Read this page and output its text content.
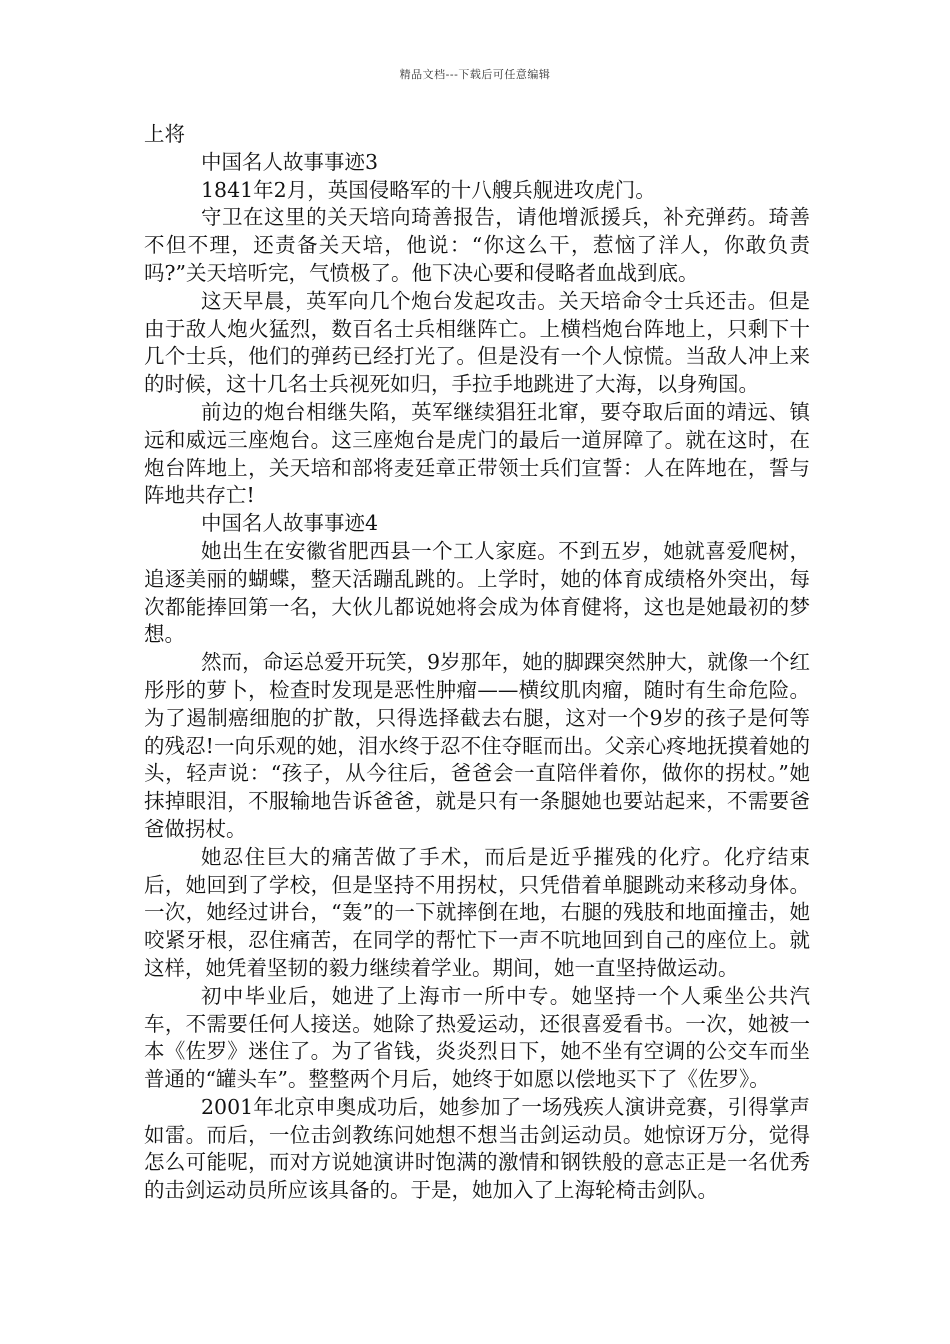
精品文档---下载后可任意编辑

上将

中国名人故事事迹3

1841年2月，英国侵略军的十八艘兵舰进攻虎门。

守卫在这里的关天培向琦善报告，请他增派援兵，补充弹药。琦善不但不理，还责备关天培，他说：“你这么干，惹恼了洋人，你敢负责吗?”关天培听完，气愤极了。他下决心要和侵略者血战到底。

这天早晨，英军向几个炮台发起攻击。关天培命令士兵还击。但是由于敌人炮火猛烈，数百名士兵相继阵亡。上横档炮台阵地上，只剩下十几个士兵，他们的弹药已经打光了。但是没有一个人惊慌。当敌人冲上来的时候，这十几名士兵视死如归，手拉手地跳进了大海，以身殉国。

前边的炮台相继失陷，英军继续猖狂北窜，要夺取后面的靖远、镇远和威远三座炮台。这三座炮台是虎门的最后一道屏障了。就在这时，在炮台阵地上，关天培和部将麦廷章正带领士兵们宣誓：人在阵地在，誓与阵地共存亡!

中国名人故事事迹4

她出生在安徽省肥西县一个工人家庭。不到五岁，她就喜爱爬树，追逐美丽的蝴蝶，整天活蹦乱跳的。上学时，她的体育成绩格外突出，每次都能捧回第一名，大伙儿都说她将会成为体育健将，这也是她最初的梦想。

然而，命运总爱开玩笑，9岁那年，她的脚踝突然肿大，就像一个红彤彤的萝卜，检查时发现是恶性肿瘤——横纹肌肉瘤，随时有生命危险。为了遏制癌细胞的扩散，只得选择截去右腿，这对一个9岁的孩子是何等的残忍!一向乐观的她，泪水终于忍不住夺眶而出。父亲心疼地抚摸着她的头，轻声说：“孩子，从今往后，爸爸会一直陪伴着你，做你的拐杖。”她抹掉眼泪，不服输地告诉爸爸，就是只有一条腿她也要站起来，不需要爸爸做拐杖。

她忍住巨大的痛苦做了手术，而后是近乎摧残的化疗。化疗结束后，她回到了学校，但是坚持不用拐杖，只凭借着单腿跳动来移动身体。一次，她经过讲台，“轰”的一下就摔倒在地，右腿的残肢和地面撞击，她咬紧牙根，忍住痛苦，在同学的帮忙下一声不吭地回到自己的座位上。就这样，她凭着坚韧的毅力继续着学业。期间，她一直坚持做运动。

初中毕业后，她进了上海市一所中专。她坚持一个人乘坐公共汽车，不需要任何人接送。她除了热爱运动，还很喜爱看书。一次，她被一本《佐罗》迷住了。为了省钱，炎炎烈日下，她不坐有空调的公交车而坐普通的“罐头车”。整整两个月后，她终于如愿以偿地买下了《佐罗》。

2001年北京申奥成功后，她参加了一场残疾人演讲竞赛，引得掌声如雷。而后，一位击剑教练问她想不想当击剑运动员。她惊讶万分，觉得怎么可能呢，而对方说她演讲时饱满的激情和钢铁般的意志正是一名优秀的击剑运动员所应该具备的。于是，她加入了上海轮椅击剑队。
